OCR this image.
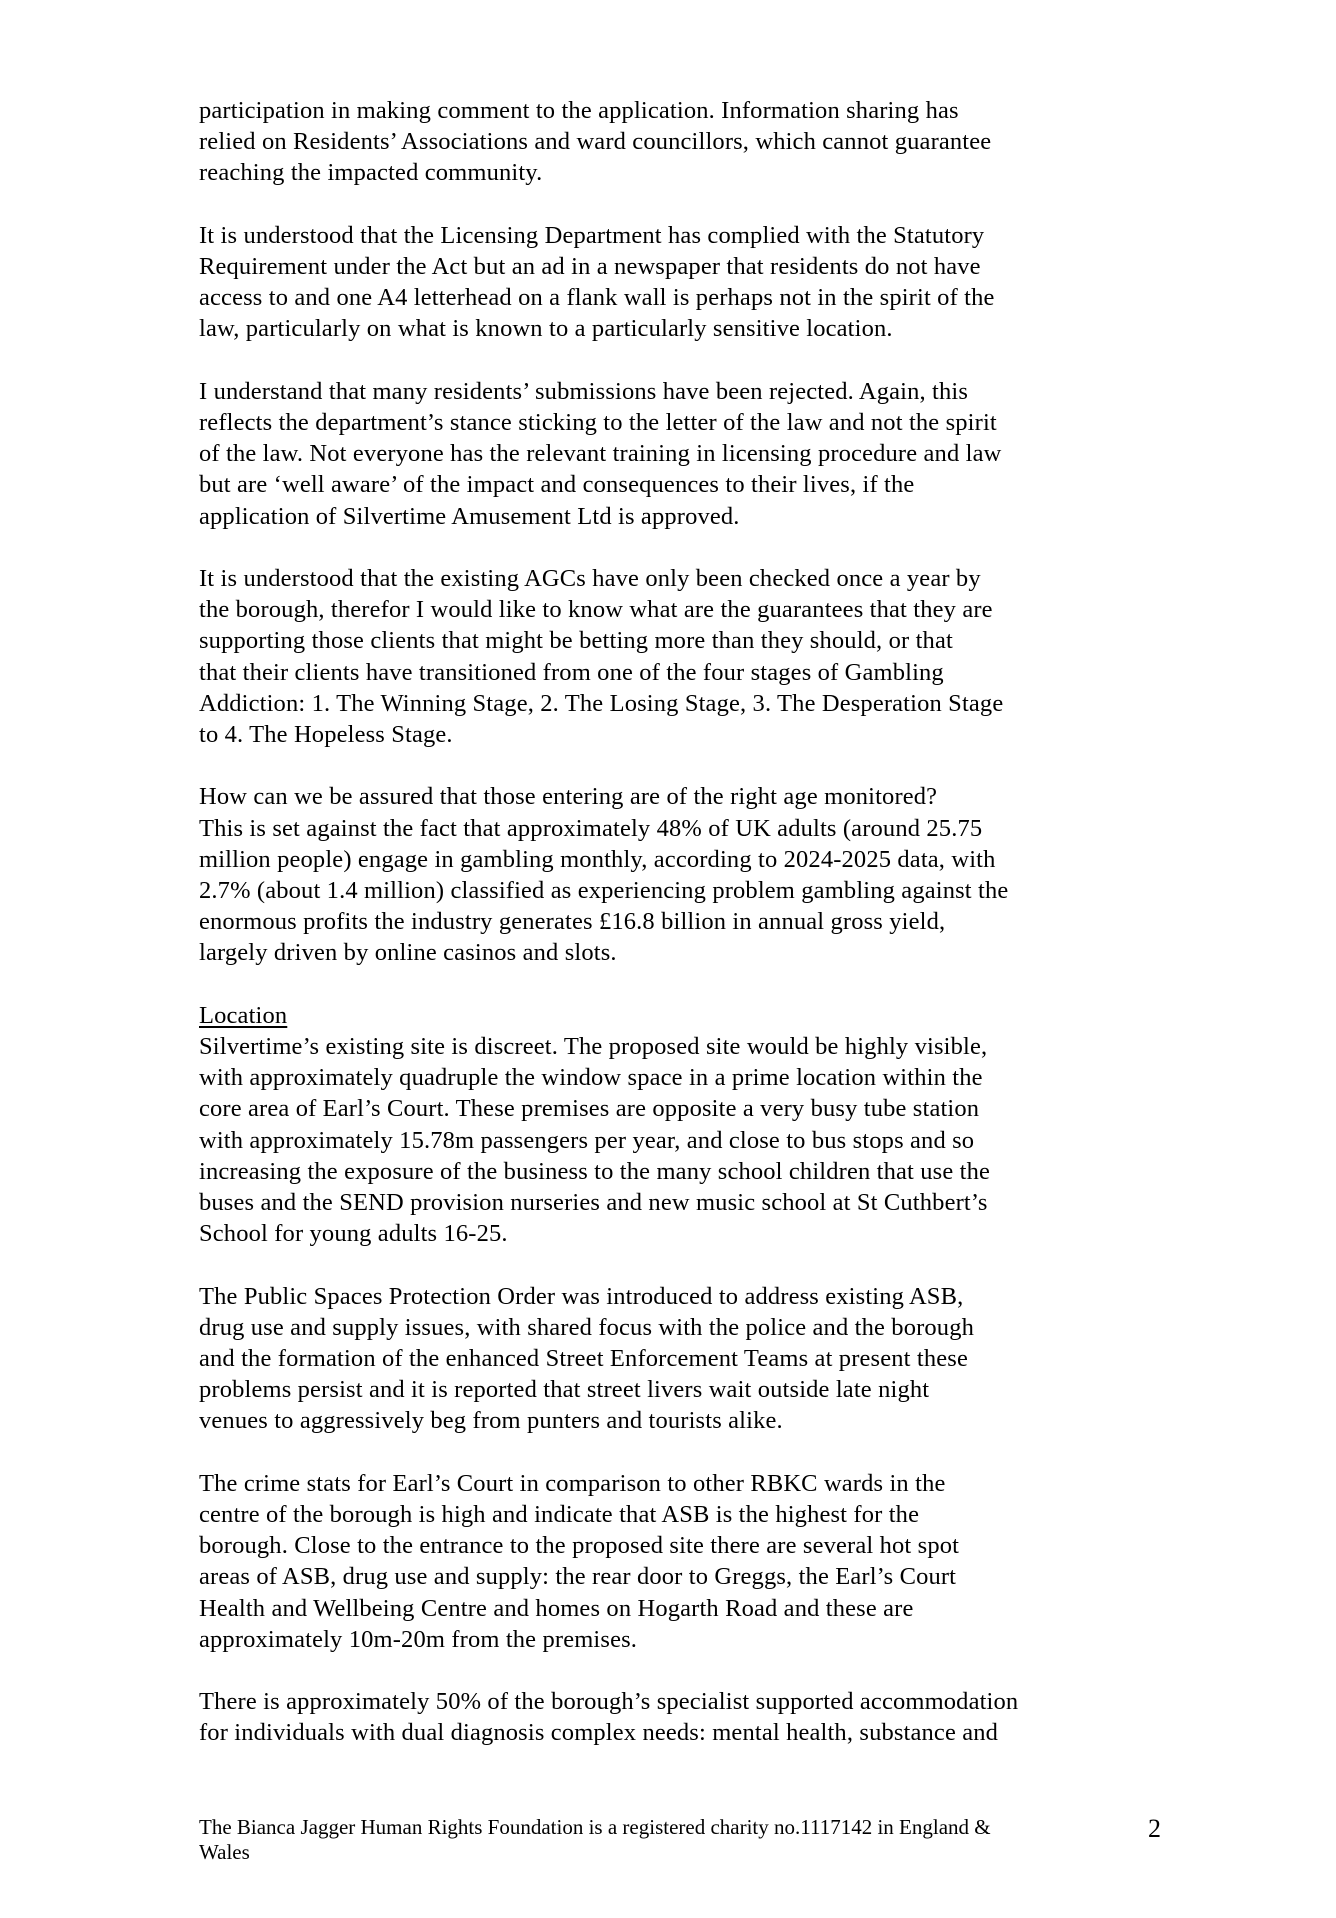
participation in making comment to the application. Information sharing has
relied on Residents’ Associations and ward councillors, which cannot guarantee
reaching the impacted community.
It is understood that the Licensing Department has complied with the Statutory
Requirement under the Act but an ad in a newspaper that residents do not have
access to and one A4 letterhead on a flank wall is perhaps not in the spirit of the
law, particularly on what is known to a particularly sensitive location.
I understand that many residents’ submissions have been rejected. Again, this
reflects the department’s stance sticking to the letter of the law and not the spirit
of the law. Not everyone has the relevant training in licensing procedure and law
but are ‘well aware’ of the impact and consequences to their lives, if the
application of Silvertime Amusement Ltd is approved.
It is understood that the existing AGCs have only been checked once a year by
the borough, therefor I would like to know what are the guarantees that they are
supporting those clients that might be betting more than they should, or that
that their clients have transitioned from one of the four stages of Gambling
Addiction: 1. The Winning Stage, 2. The Losing Stage, 3. The Desperation Stage
to 4. The Hopeless Stage.
How can we be assured that those entering are of the right age monitored?
This is set against the fact that approximately 48% of UK adults (around 25.75
million people) engage in gambling monthly, according to 2024-2025 data, with
2.7% (about 1.4 million) classified as experiencing problem gambling against the
enormous profits the industry generates £16.8 billion in annual gross yield,
largely driven by online casinos and slots.
Location
Silvertime’s existing site is discreet. The proposed site would be highly visible,
with approximately quadruple the window space in a prime location within the
core area of Earl’s Court. These premises are opposite a very busy tube station
with approximately 15.78m passengers per year, and close to bus stops and so
increasing the exposure of the business to the many school children that use the
buses and the SEND provision nurseries and new music school at St Cuthbert’s
School for young adults 16-25.
The Public Spaces Protection Order was introduced to address existing ASB,
drug use and supply issues, with shared focus with the police and the borough
and the formation of the enhanced Street Enforcement Teams at present these
problems persist and it is reported that street livers wait outside late night
venues to aggressively beg from punters and tourists alike.
The crime stats for Earl’s Court in comparison to other RBKC wards in the
centre of the borough is high and indicate that ASB is the highest for the
borough. Close to the entrance to the proposed site there are several hot spot
areas of ASB, drug use and supply: the rear door to Greggs, the Earl’s Court
Health and Wellbeing Centre and homes on Hogarth Road and these are
approximately 10m-20m from the premises.
There is approximately 50% of the borough’s specialist supported accommodation
for individuals with dual diagnosis complex needs: mental health, substance and
The Bianca Jagger Human Rights Foundation is a registered charity no.1117142 in England &
Wales
2
